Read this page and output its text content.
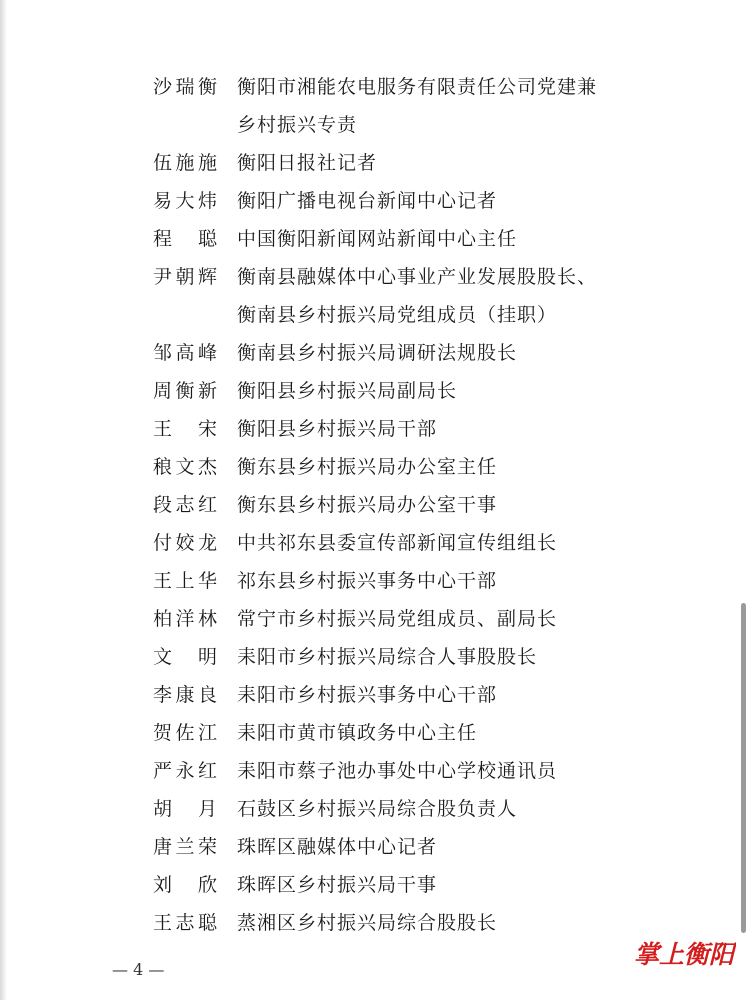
沙瑞衡 衡阳市湘能农电服务有限责任公司党建兼
乡村振兴专责
伍施施 衡阳日报社记者
易大炜 衡阳广播电视台新闻中心记者
程　聪 中国衡阳新闻网站新闻中心主任
尹朝辉 衡南县融媒体中心事业产业发展股股长、
衡南县乡村振兴局党组成员（挂职）
邹高峰 衡南县乡村振兴局调研法规股长
周衡新 衡阳县乡村振兴局副局长
王　宋 衡阳县乡村振兴局干部
稂文杰 衡东县乡村振兴局办公室主任
段志红 衡东县乡村振兴局办公室干事
付姣龙 中共祁东县委宣传部新闻宣传组组长
王上华 祁东县乡村振兴事务中心干部
柏洋林 常宁市乡村振兴局党组成员、副局长
文　明 耒阳市乡村振兴局综合人事股股长
李康良 耒阳市乡村振兴事务中心干部
贺佐江 耒阳市黄市镇政务中心主任
严永红 耒阳市蔡子池办事处中心学校通讯员
胡　月 石鼓区乡村振兴局综合股负责人
唐兰荣 珠晖区融媒体中心记者
刘　欣 珠晖区乡村振兴局干事
王志聪 蒸湘区乡村振兴局综合股股长
— 4 —
掌上衡阳
